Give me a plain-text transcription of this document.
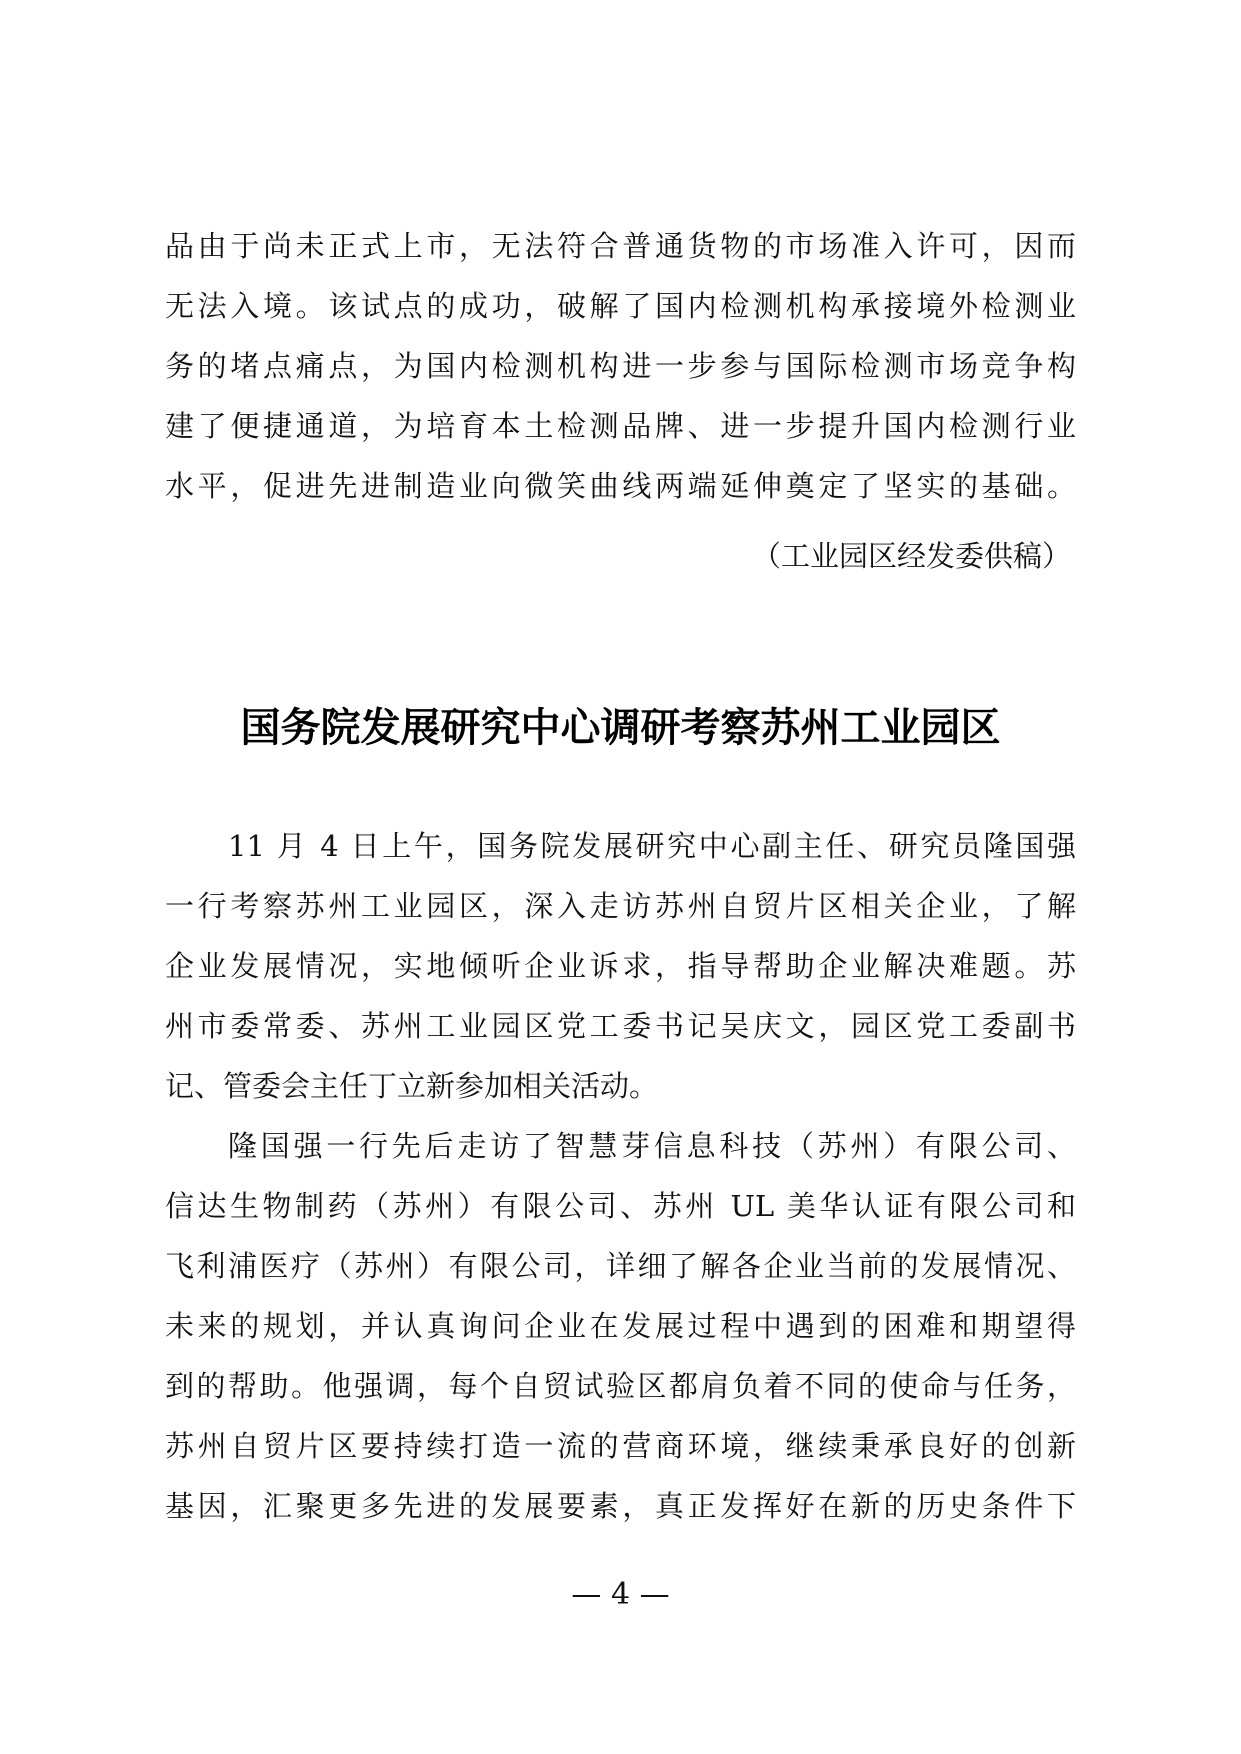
品由于尚未正式上市，无法符合普通货物的市场准入许可，因而
无法入境。该试点的成功，破解了国内检测机构承接境外检测业
务的堵点痛点，为国内检测机构进一步参与国际检测市场竞争构
建了便捷通道，为培育本土检测品牌、进一步提升国内检测行业
水平，促进先进制造业向微笑曲线两端延伸奠定了坚实的基础。
（工业园区经发委供稿）
国务院发展研究中心调研考察苏州工业园区
11 月 4 日上午，国务院发展研究中心副主任、研究员隆国强
一行考察苏州工业园区，深入走访苏州自贸片区相关企业，了解
企业发展情况，实地倾听企业诉求，指导帮助企业解决难题。苏
州市委常委、苏州工业园区党工委书记吴庆文，园区党工委副书
记、管委会主任丁立新参加相关活动。
隆国强一行先后走访了智慧芽信息科技（苏州）有限公司、
信达生物制药（苏州）有限公司、苏州 UL 美华认证有限公司和
飞利浦医疗（苏州）有限公司，详细了解各企业当前的发展情况、
未来的规划，并认真询问企业在发展过程中遇到的困难和期望得
到的帮助。他强调，每个自贸试验区都肩负着不同的使命与任务，
苏州自贸片区要持续打造一流的营商环境，继续秉承良好的创新
基因，汇聚更多先进的发展要素，真正发挥好在新的历史条件下
— 4 —
